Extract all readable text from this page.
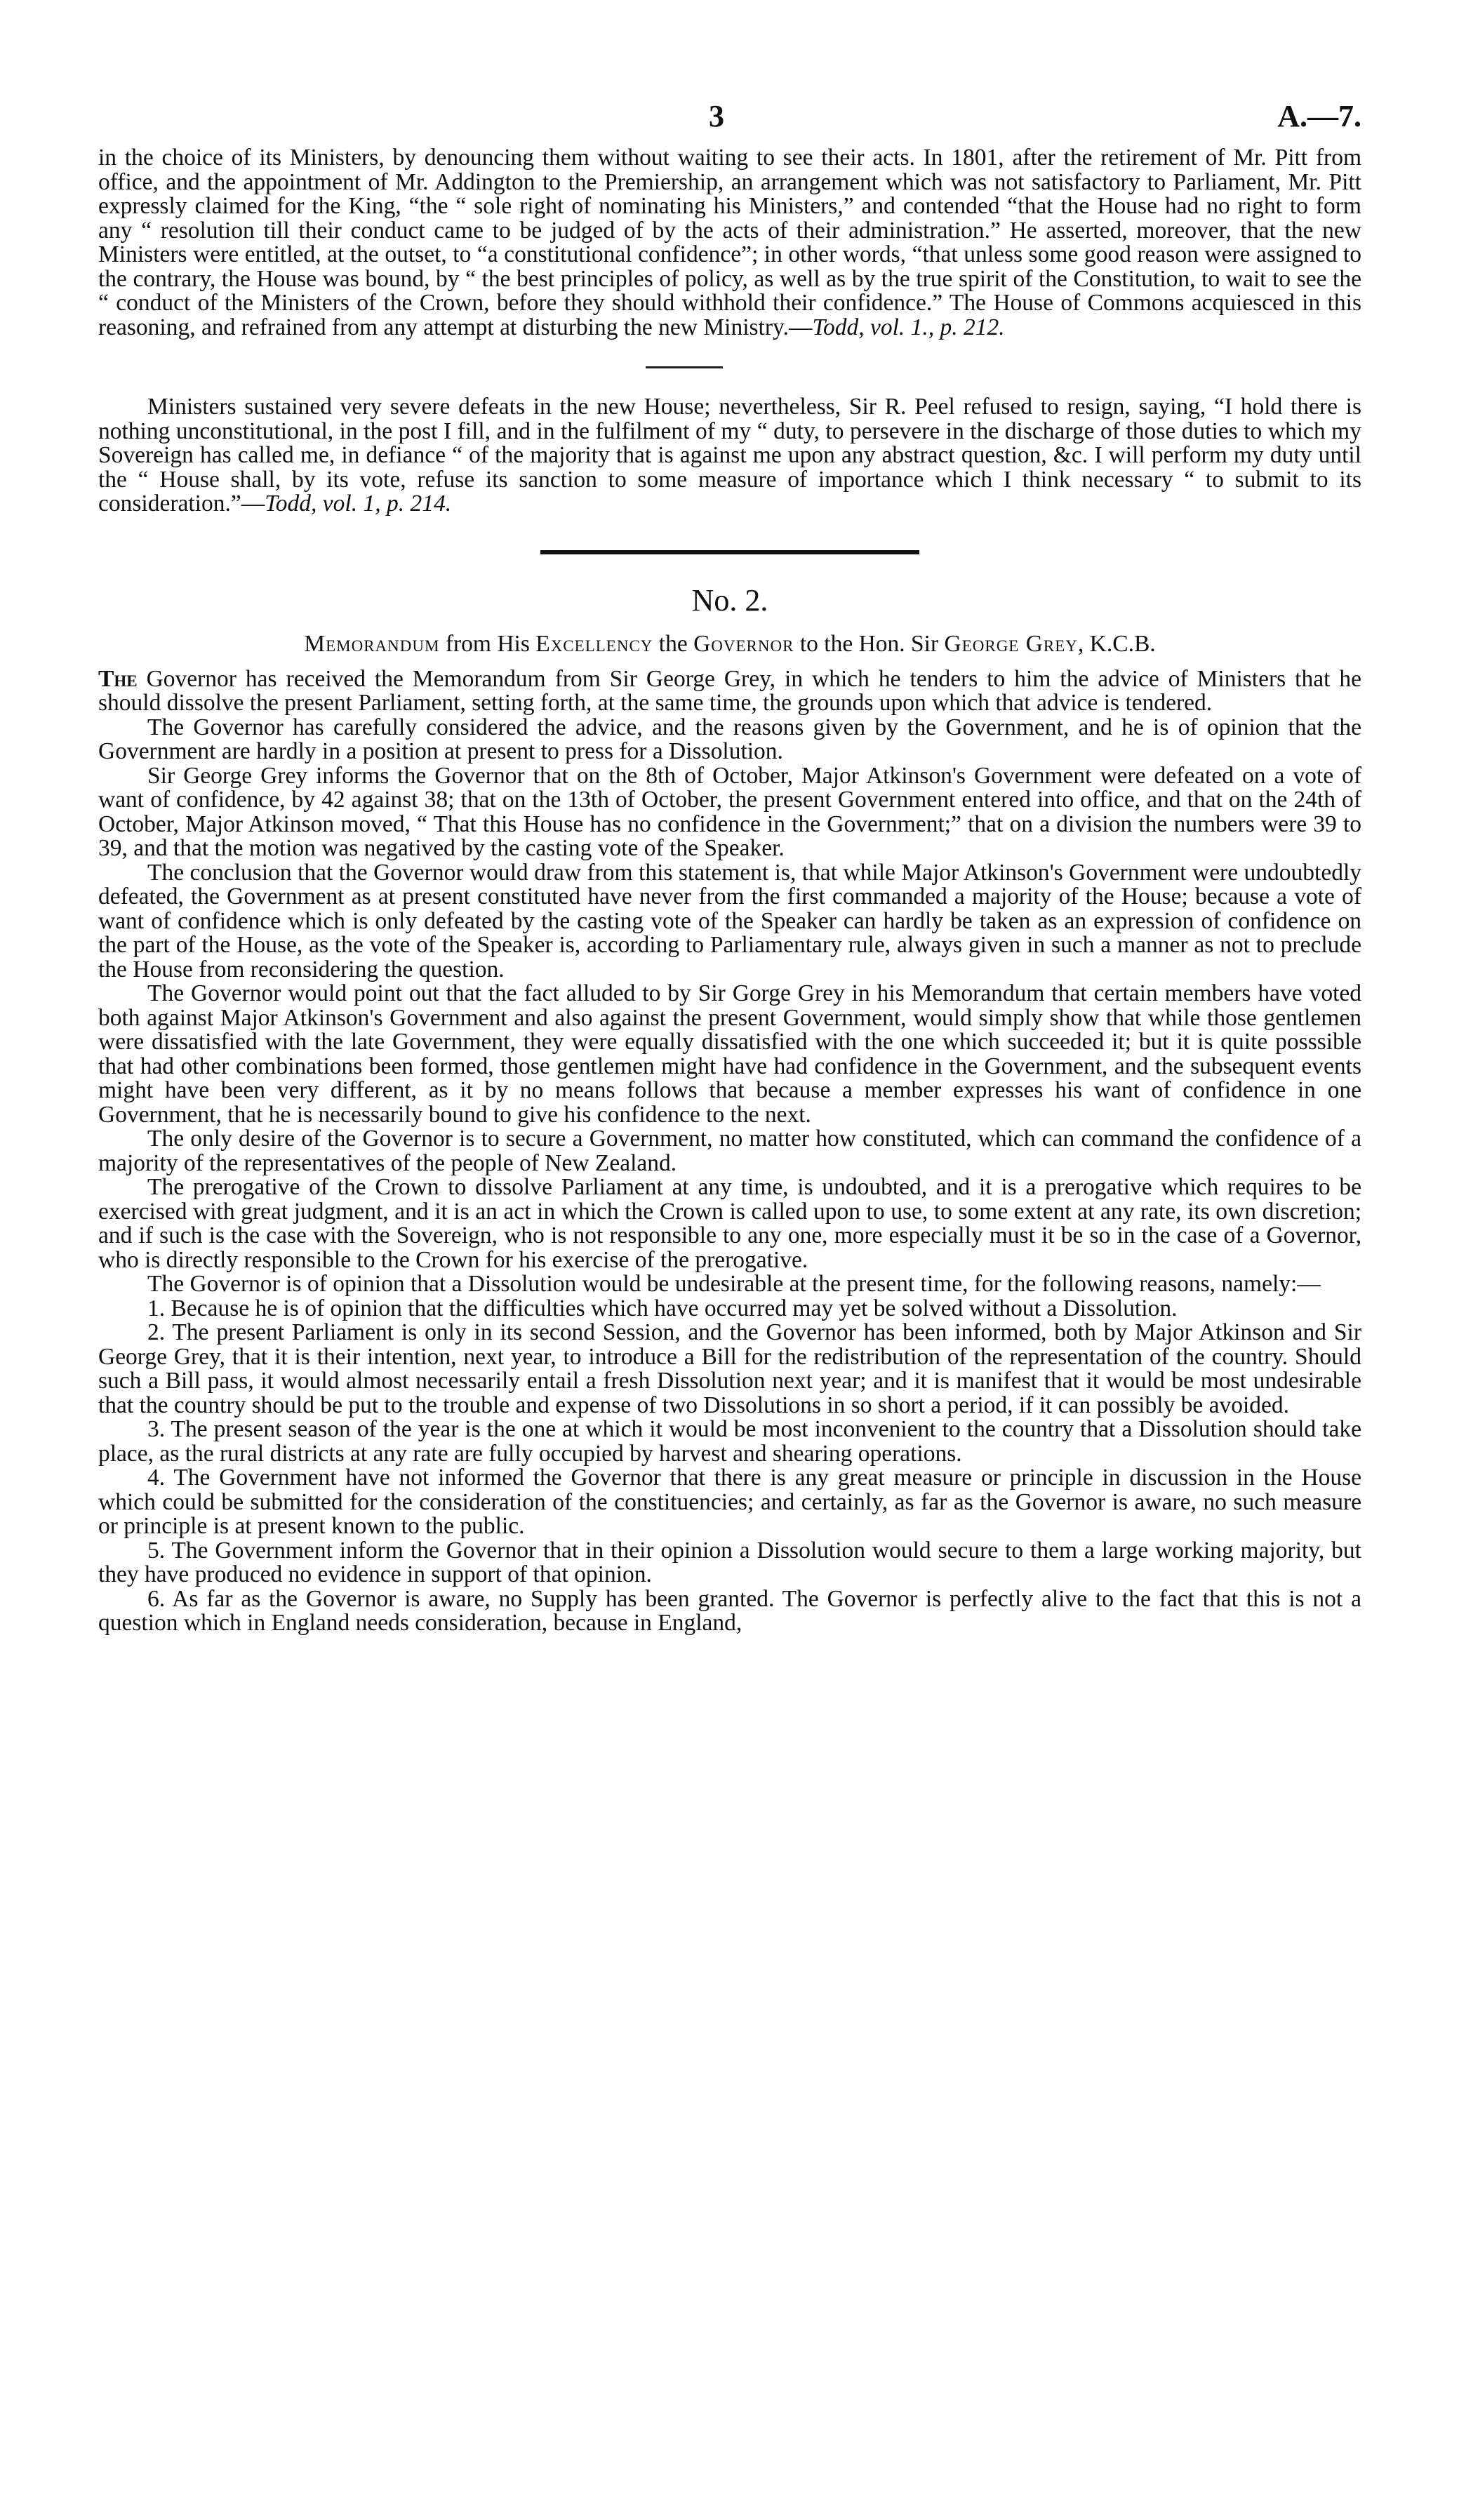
3	A.—7.

in the choice of its Ministers, by denouncing them without waiting to see their acts. In 1801, after the retirement of Mr. Pitt from office, and the appointment of Mr. Addington to the Premiership, an arrangement which was not satisfactory to Parliament, Mr. Pitt expressly claimed for the King, “the “ sole right of nominating his Ministers,” and contended “that the House had no right to form any “ resolution till their conduct came to be judged of by the acts of their administration.” He asserted, moreover, that the new Ministers were entitled, at the outset, to “a constitutional confidence”; in other words, “that unless some good reason were assigned to the contrary, the House was bound, by “ the best principles of policy, as well as by the true spirit of the Constitution, to wait to see the “ conduct of the Ministers of the Crown, before they should withhold their confidence.” The House of Commons acquiesced in this reasoning, and refrained from any attempt at disturbing the new Ministry.—Todd, vol. 1., p. 212.

Ministers sustained very severe defeats in the new House; nevertheless, Sir R. Peel refused to resign, saying, “I hold there is nothing unconstitutional, in the post I fill, and in the fulfilment of my “ duty, to persevere in the discharge of those duties to which my Sovereign has called me, in defiance “ of the majority that is against me upon any abstract question, &c. I will perform my duty until the “ House shall, by its vote, refuse its sanction to some measure of importance which I think necessary “ to submit to its consideration.”—Todd, vol. 1, p. 214.

No. 2.
Memorandum from His Excellency the Governor to the Hon. Sir George Grey, K.C.B.

The Governor has received the Memorandum from Sir George Grey, in which he tenders to him the advice of Ministers that he should dissolve the present Parliament, setting forth, at the same time, the grounds upon which that advice is tendered.

The Governor has carefully considered the advice, and the reasons given by the Government, and he is of opinion that the Government are hardly in a position at present to press for a Dissolution.

Sir George Grey informs the Governor that on the 8th of October, Major Atkinson's Government were defeated on a vote of want of confidence, by 42 against 38; that on the 13th of October, the present Government entered into office, and that on the 24th of October, Major Atkinson moved, “ That this House has no confidence in the Government;” that on a division the numbers were 39 to 39, and that the motion was negatived by the casting vote of the Speaker.

The conclusion that the Governor would draw from this statement is, that while Major Atkinson's Government were undoubtedly defeated, the Government as at present constituted have never from the first commanded a majority of the House; because a vote of want of confidence which is only defeated by the casting vote of the Speaker can hardly be taken as an expression of confidence on the part of the House, as the vote of the Speaker is, according to Parliamentary rule, always given in such a manner as not to preclude the House from reconsidering the question.

The Governor would point out that the fact alluded to by Sir Gorge Grey in his Memorandum that certain members have voted both against Major Atkinson's Government and also against the present Government, would simply show that while those gentlemen were dissatisfied with the late Government, they were equally dissatisfied with the one which succeeded it; but it is quite posssible that had other combinations been formed, those gentlemen might have had confidence in the Government, and the subsequent events might have been very different, as it by no means follows that because a member expresses his want of confidence in one Government, that he is necessarily bound to give his confidence to the next.

The only desire of the Governor is to secure a Government, no matter how constituted, which can command the confidence of a majority of the representatives of the people of New Zealand.

The prerogative of the Crown to dissolve Parliament at any time, is undoubted, and it is a prerogative which requires to be exercised with great judgment, and it is an act in which the Crown is called upon to use, to some extent at any rate, its own discretion; and if such is the case with the Sovereign, who is not responsible to any one, more especially must it be so in the case of a Governor, who is directly responsible to the Crown for his exercise of the prerogative.

The Governor is of opinion that a Dissolution would be undesirable at the present time, for the following reasons, namely:—

1. Because he is of opinion that the difficulties which have occurred may yet be solved without a Dissolution.

2. The present Parliament is only in its second Session, and the Governor has been informed, both by Major Atkinson and Sir George Grey, that it is their intention, next year, to introduce a Bill for the redistribution of the representation of the country. Should such a Bill pass, it would almost necessarily entail a fresh Dissolution next year; and it is manifest that it would be most undesirable that the country should be put to the trouble and expense of two Dissolutions in so short a period, if it can possibly be avoided.

3. The present season of the year is the one at which it would be most inconvenient to the country that a Dissolution should take place, as the rural districts at any rate are fully occupied by harvest and shearing operations.

4. The Government have not informed the Governor that there is any great measure or principle in discussion in the House which could be submitted for the consideration of the constituencies; and certainly, as far as the Governor is aware, no such measure or principle is at present known to the public.

5. The Government inform the Governor that in their opinion a Dissolution would secure to them a large working majority, but they have produced no evidence in support of that opinion.

6. As far as the Governor is aware, no Supply has been granted. The Governor is perfectly alive to the fact that this is not a question which in England needs consideration, because in England,
